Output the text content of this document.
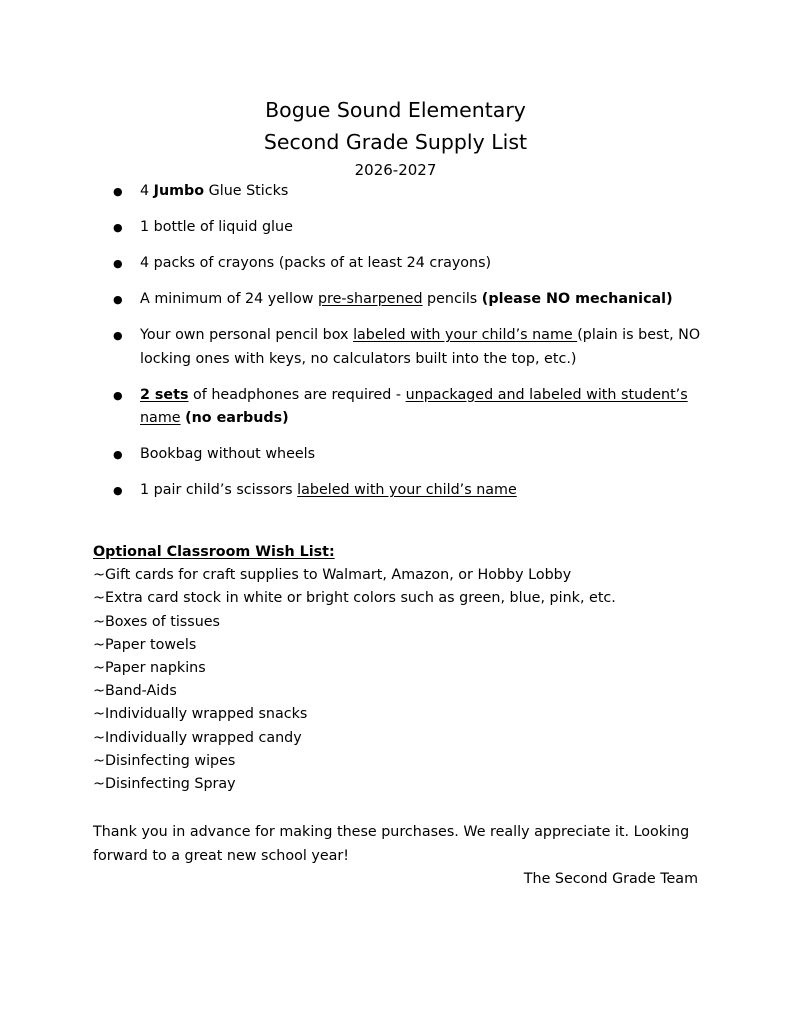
Bogue Sound Elementary
Second Grade Supply List
2026-2027
● 4 Jumbo Glue Sticks
● 1 bottle of liquid glue
● 4 packs of crayons (packs of at least 24 crayons)
● A minimum of 24 yellow pre-sharpened pencils (please NO mechanical)
● Your own personal pencil box labeled with your child’s name (plain is best, NO locking ones with keys, no calculators built into the top, etc.)
● 2 sets of headphones are required - unpackaged and labeled with student’s name (no earbuds)
● Bookbag without wheels
● 1 pair child’s scissors labeled with your child’s name
Optional Classroom Wish List:
~Gift cards for craft supplies to Walmart, Amazon, or Hobby Lobby
~Extra card stock in white or bright colors such as green, blue, pink, etc.
~Boxes of tissues
~Paper towels
~Paper napkins
~Band-Aids
~Individually wrapped snacks
~Individually wrapped candy
~Disinfecting wipes
~Disinfecting Spray
Thank you in advance for making these purchases. We really appreciate it. Looking forward to a great new school year!
The Second Grade Team
